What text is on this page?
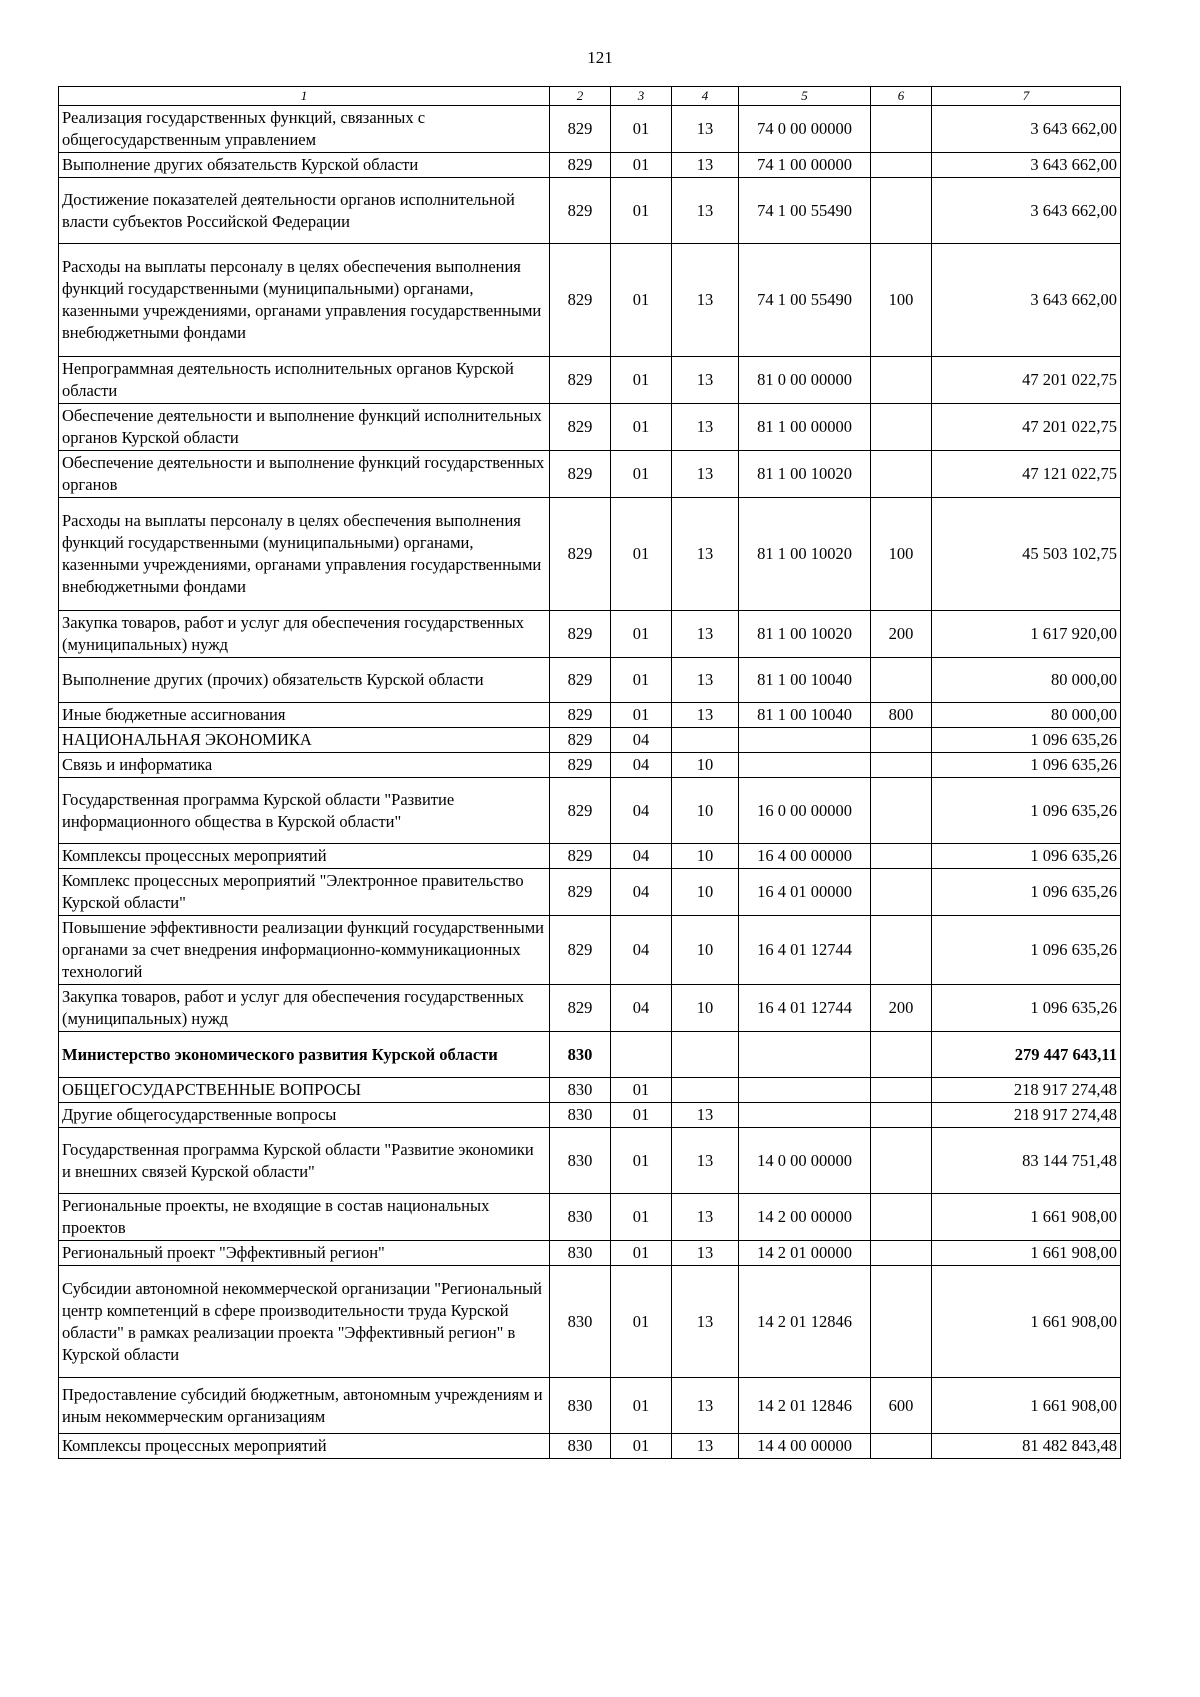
121
1	2	3	4	5	6	7
Реализация государственных функций, связанных с общегосударственным управлением	829	01	13	74 0 00 00000		3 643 662,00
Выполнение других обязательств Курской области	829	01	13	74 1 00 00000		3 643 662,00
Достижение показателей деятельности органов исполнительной власти субъектов Российской Федерации	829	01	13	74 1 00 55490		3 643 662,00
Расходы на выплаты персоналу в целях обеспечения выполнения функций государственными (муниципальными) органами, казенными учреждениями, органами управления государственными внебюджетными фондами	829	01	13	74 1 00 55490	100	3 643 662,00
Непрограммная деятельность исполнительных органов Курской области	829	01	13	81 0 00 00000		47 201 022,75
Обеспечение деятельности и выполнение функций исполнительных органов Курской области	829	01	13	81 1 00 00000		47 201 022,75
Обеспечение деятельности и выполнение функций государственных органов	829	01	13	81 1 00 10020		47 121 022,75
Расходы на выплаты персоналу в целях обеспечения выполнения функций государственными (муниципальными) органами, казенными учреждениями, органами управления государственными внебюджетными фондами	829	01	13	81 1 00 10020	100	45 503 102,75
Закупка товаров, работ и услуг для обеспечения государственных (муниципальных) нужд	829	01	13	81 1 00 10020	200	1 617 920,00
Выполнение других (прочих) обязательств Курской области	829	01	13	81 1 00 10040		80 000,00
Иные бюджетные ассигнования	829	01	13	81 1 00 10040	800	80 000,00
НАЦИОНАЛЬНАЯ ЭКОНОМИКА	829	04				1 096 635,26
Связь и информатика	829	04	10			1 096 635,26
Государственная программа Курской области "Развитие информационного общества в Курской области"	829	04	10	16 0 00 00000		1 096 635,26
Комплексы процессных мероприятий	829	04	10	16 4 00 00000		1 096 635,26
Комплекс процессных мероприятий "Электронное правительство Курской области"	829	04	10	16 4 01 00000		1 096 635,26
Повышение эффективности реализации функций государственными органами за счет внедрения информационно-коммуникационных технологий	829	04	10	16 4 01 12744		1 096 635,26
Закупка товаров, работ и услуг для обеспечения государственных (муниципальных) нужд	829	04	10	16 4 01 12744	200	1 096 635,26
Министерство экономического развития Курской области	830					279 447 643,11
ОБЩЕГОСУДАРСТВЕННЫЕ ВОПРОСЫ	830	01				218 917 274,48
Другие общегосударственные вопросы	830	01	13			218 917 274,48
Государственная программа Курской области "Развитие экономики и внешних связей Курской области"	830	01	13	14 0 00 00000		83 144 751,48
Региональные проекты, не входящие в состав национальных проектов	830	01	13	14 2 00 00000		1 661 908,00
Региональный проект "Эффективный регион"	830	01	13	14 2 01 00000		1 661 908,00
Субсидии автономной некоммерческой организации "Региональный центр компетенций в сфере производительности труда Курской области" в рамках реализации проекта "Эффективный регион" в Курской области	830	01	13	14 2 01 12846		1 661 908,00
Предоставление субсидий бюджетным, автономным учреждениям и иным некоммерческим организациям	830	01	13	14 2 01 12846	600	1 661 908,00
Комплексы процессных мероприятий	830	01	13	14 4 00 00000		81 482 843,48
